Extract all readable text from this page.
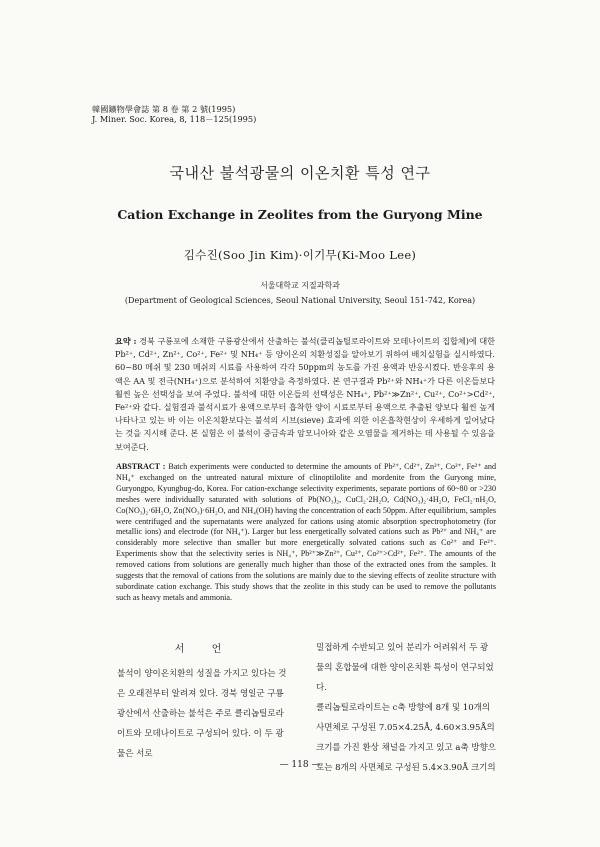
韓國鑛物學會誌 第 8 卷 第 2 號(1995)
J. Miner. Soc. Korea, 8, 118－125(1995)
국내산 불석광물의 이온치환 특성 연구
Cation Exchange in Zeolites from the Guryong Mine
김수진(Soo Jin Kim)·이기무(Ki-Moo Lee)
서울대학교 지질과학과
(Department of Geological Sciences, Seoul National University, Seoul 151-742, Korea)
요약 : 경북 구룡포에 소재한 구룡광산에서 산출하는 불석(클리놉틸로라이트와 모데나이트의 집합체)에 대한 Pb²⁺, Cd²⁺, Zn²⁺, Co²⁺, Fe²⁺ 및 NH₄⁺ 등 양이온의 치환성질을 알아보기 위하여 배치실험을 실시하였다. 60~80 메쉬 및 230 메쉬의 시료를 사용하여 각각 50ppm의 농도를 가진 용액과 반응시켰다. 반응후의 용액은 AA 및 전극(NH₄⁺)으로 분석하여 치환양을 측정하였다. 본 연구결과 Pb²⁺와 NH₄⁺가 다른 이온들보다 훨씬 높은 선택성을 보여 주었다. 불석에 대한 이온들의 선택성은 NH₄⁺, Pb²⁺≫Zn²⁺, Cu²⁺, Co²⁺>Cd²⁺, Fe²⁺와 같다. 실험결과 불석시료가 용액으로부터 흡착한 양이 시료로부터 용액으로 추출된 양보다 훨씬 높게 나타나고 있는 바 이는 이온치환보다는 불석의 시브(sieve) 효과에 의한 이온흡착현상이 우세하게 일어났다는 것을 지시해 준다. 본 실험은 이 불석이 중금속과 암모니아와 같은 오염물을 제거하는 데 사용될 수 있음을 보여준다.
ABSTRACT : Batch experiments were conducted to determine the amounts of Pb²⁺, Cd²⁺, Zn²⁺, Co²⁺, Fe²⁺ and NH₄⁺ exchanged on the untreated natural mixture of clinoptilolite and mordenite from the Guryong mine, Guryongpo, Kyungbug-do, Korea. For cation-exchange selectivity experiments, separate portions of 60~80 or >230 meshes were individually saturated with solutions of Pb(NO₃)₂, CuCl₂·2H₂O, Cd(NO₃)₂·4H₂O, FeCl₂·nH₂O, Co(NO₃)₂·6H₂O, Zn(NO₃)·6H₂O, and NH₄(OH) having the concentration of each 50ppm. After equilibrium, samples were centrifuged and the supernatants were analyzed for cations using atomic absorption spectrophotometry (for metallic ions) and electrode (for NH₄⁺). Larger but less energetically solvated cations such as Pb²⁺ and NH₄⁺ are considerably more selective than smaller but more energetically solvated cations such as Co²⁺ and Fe²⁺. Experiments show that the selectivity series is NH₄⁺, Pb²⁺≫Zn²⁺, Cu²⁺, Co²⁺>Cd²⁺, Fe²⁺. The amounts of the removed cations from solutions are generally much higher than those of the extracted ones from the samples. It suggests that the removal of cations from the solutions are mainly due to the sieving effects of zeolite structure with subordinate cation exchange. This study shows that the zeolite in this study can be used to remove the pollutants such as heavy metals and ammonia.
서 언

불석이 양이온치환의 성질을 가지고 있다는 것은 오래전부터 알려져 있다. 경북 영일군 구룡광산에서 산출하는 불석은 주로 클리놉틸로라이트와 모데나이트로 구성되어 있다. 이 두 광물은 서로

밀접하게 수반되고 있어 분리가 어려워서 두 광물의 혼합물에 대한 양이온치환 특성이 연구되었다.

클리놉틸로라이트는 c축 방향에 8개 및 10개의 사면체로 구성된 7.05×4.25Å, 4.60×3.95Å의 크기를 가진 환상 채널을 가지고 있고 a축 방향으로는 8개의 사면체로 구성된 5.4×3.90Å 크기의

— 118 —
